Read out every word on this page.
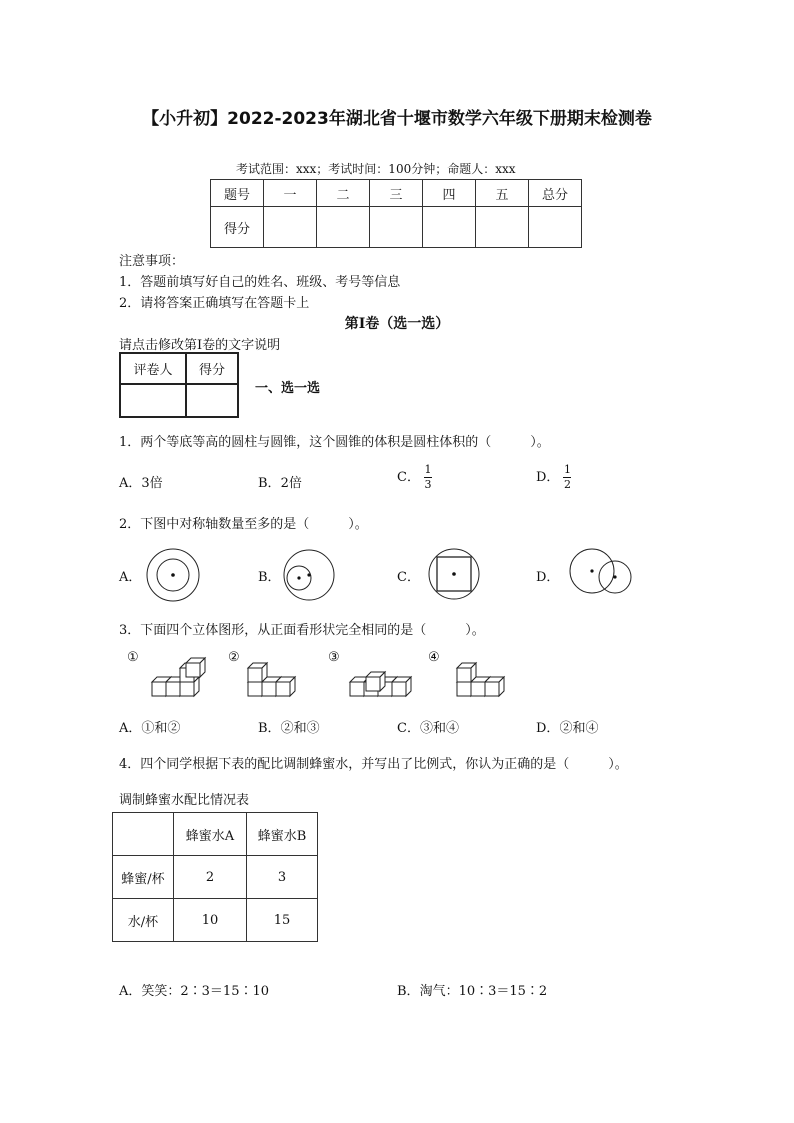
【小升初】2022-2023年湖北省十堰市数学六年级下册期末检测卷
考试范围：xxx；考试时间：100分钟；命题人：xxx
题号	一	二	三	四	五	总分
得分						
注意事项：
1．答题前填写好自己的姓名、班级、考号等信息
2．请将答案正确填写在答题卡上
第I卷（选一选）
请点击修改第I卷的文字说明
评卷人	得分

一、选一选
1．两个等底等高的圆柱与圆锥，这个圆锥的体积是圆柱体积的（　　　）。
A．3倍	B．2倍	C． $\frac{1}{3}$	D． $\frac{1}{2}$
2．下图中对称轴数量至多的是（　　　）。
A．	B．	C．	D．
3．下面四个立体图形，从正面看形状完全相同的是（　　　）。
①	②	③	④
A．①和②	B．②和③	C．③和④	D．②和④
4．四个同学根据下表的配比调制蜂蜜水，并写出了比例式，你认为正确的是（　　　）。
调制蜂蜜水配比情况表
	蜂蜜水A	蜂蜜水B
蜂蜜/杯	2	3
水/杯	10	15
A．笑笑：2∶3＝15∶10	B．淘气：10∶3＝15∶2
